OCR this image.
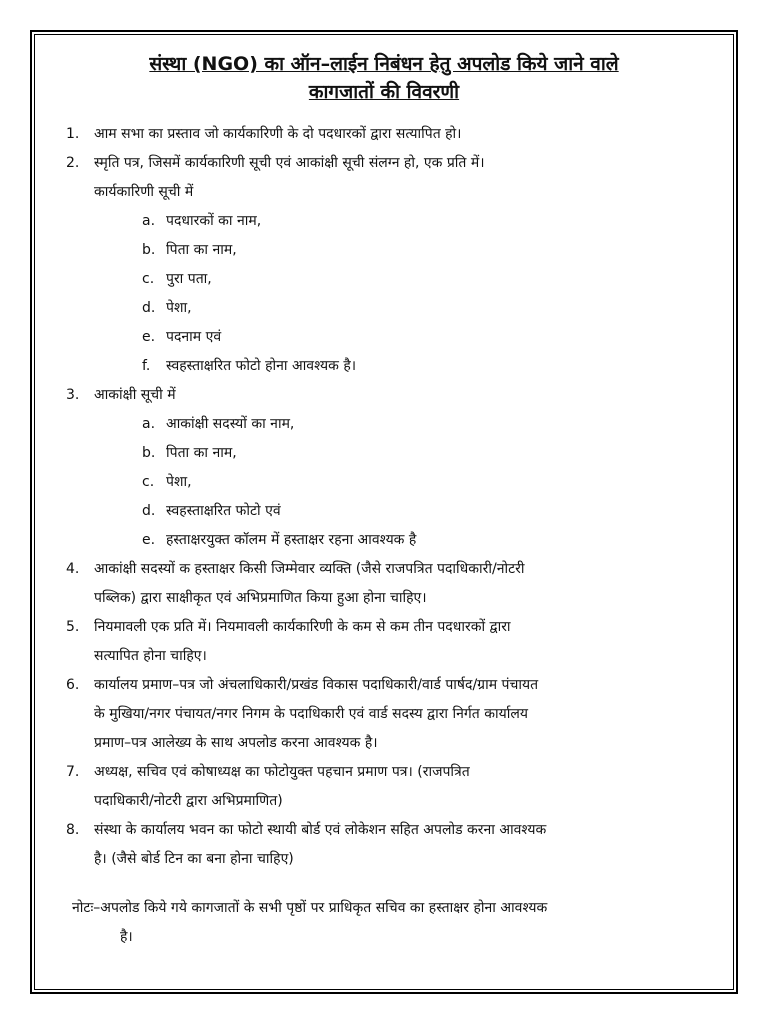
संस्था (NGO) का ऑन–लाईन निबंधन हेतु अपलोड किये जाने वाले
कागजातों की विवरणी
1. आम सभा का प्रस्ताव जो कार्यकारिणी के दो पदधारकों द्वारा सत्यापित हो।
2. स्मृति पत्र, जिसमें कार्यकारिणी सूची एवं आकांक्षी सूची संलग्न हो, एक प्रति में।
कार्यकारिणी सूची में
a. पदधारकों का नाम,
b. पिता का नाम,
c. पुरा पता,
d. पेशा,
e. पदनाम एवं
f. स्वहस्ताक्षरित फोटो होना आवश्यक है।
3. आकांक्षी सूची में
a. आकांक्षी सदस्यों का नाम,
b. पिता का नाम,
c. पेशा,
d. स्वहस्ताक्षरित फोटो एवं
e. हस्ताक्षरयुक्त कॉलम में हस्ताक्षर रहना आवश्यक है
4. आकांक्षी सदस्यों क हस्ताक्षर किसी जिम्मेवार व्यक्ति (जैसे राजपत्रित पदाधिकारी/नोटरी
पब्लिक) द्वारा साक्षीकृत एवं अभिप्रमाणित किया हुआ होना चाहिए।
5. नियमावली एक प्रति में। नियमावली कार्यकारिणी के कम से कम तीन पदधारकों द्वारा
सत्यापित होना चाहिए।
6. कार्यालय प्रमाण–पत्र जो अंचलाधिकारी/प्रखंड विकास पदाधिकारी/वार्ड पार्षद/ग्राम पंचायत
के मुखिया/नगर पंचायत/नगर निगम के पदाधिकारी एवं वार्ड सदस्य द्वारा निर्गत कार्यालय
प्रमाण–पत्र आलेख्य के साथ अपलोड करना आवश्यक है।
7. अध्यक्ष, सचिव एवं कोषाध्यक्ष का फोटोयुक्त पहचान प्रमाण पत्र। (राजपत्रित
पदाधिकारी/नोटरी द्वारा अभिप्रमाणित)
8. संस्था के कार्यालय भवन का फोटो स्थायी बोर्ड एवं लोकेशन सहित अपलोड करना आवश्यक
है। (जैसे बोर्ड टिन का बना होना चाहिए)
नोटः–अपलोड किये गये कागजातों के सभी पृष्ठों पर प्राधिकृत सचिव का हस्ताक्षर होना आवश्यक
है।
